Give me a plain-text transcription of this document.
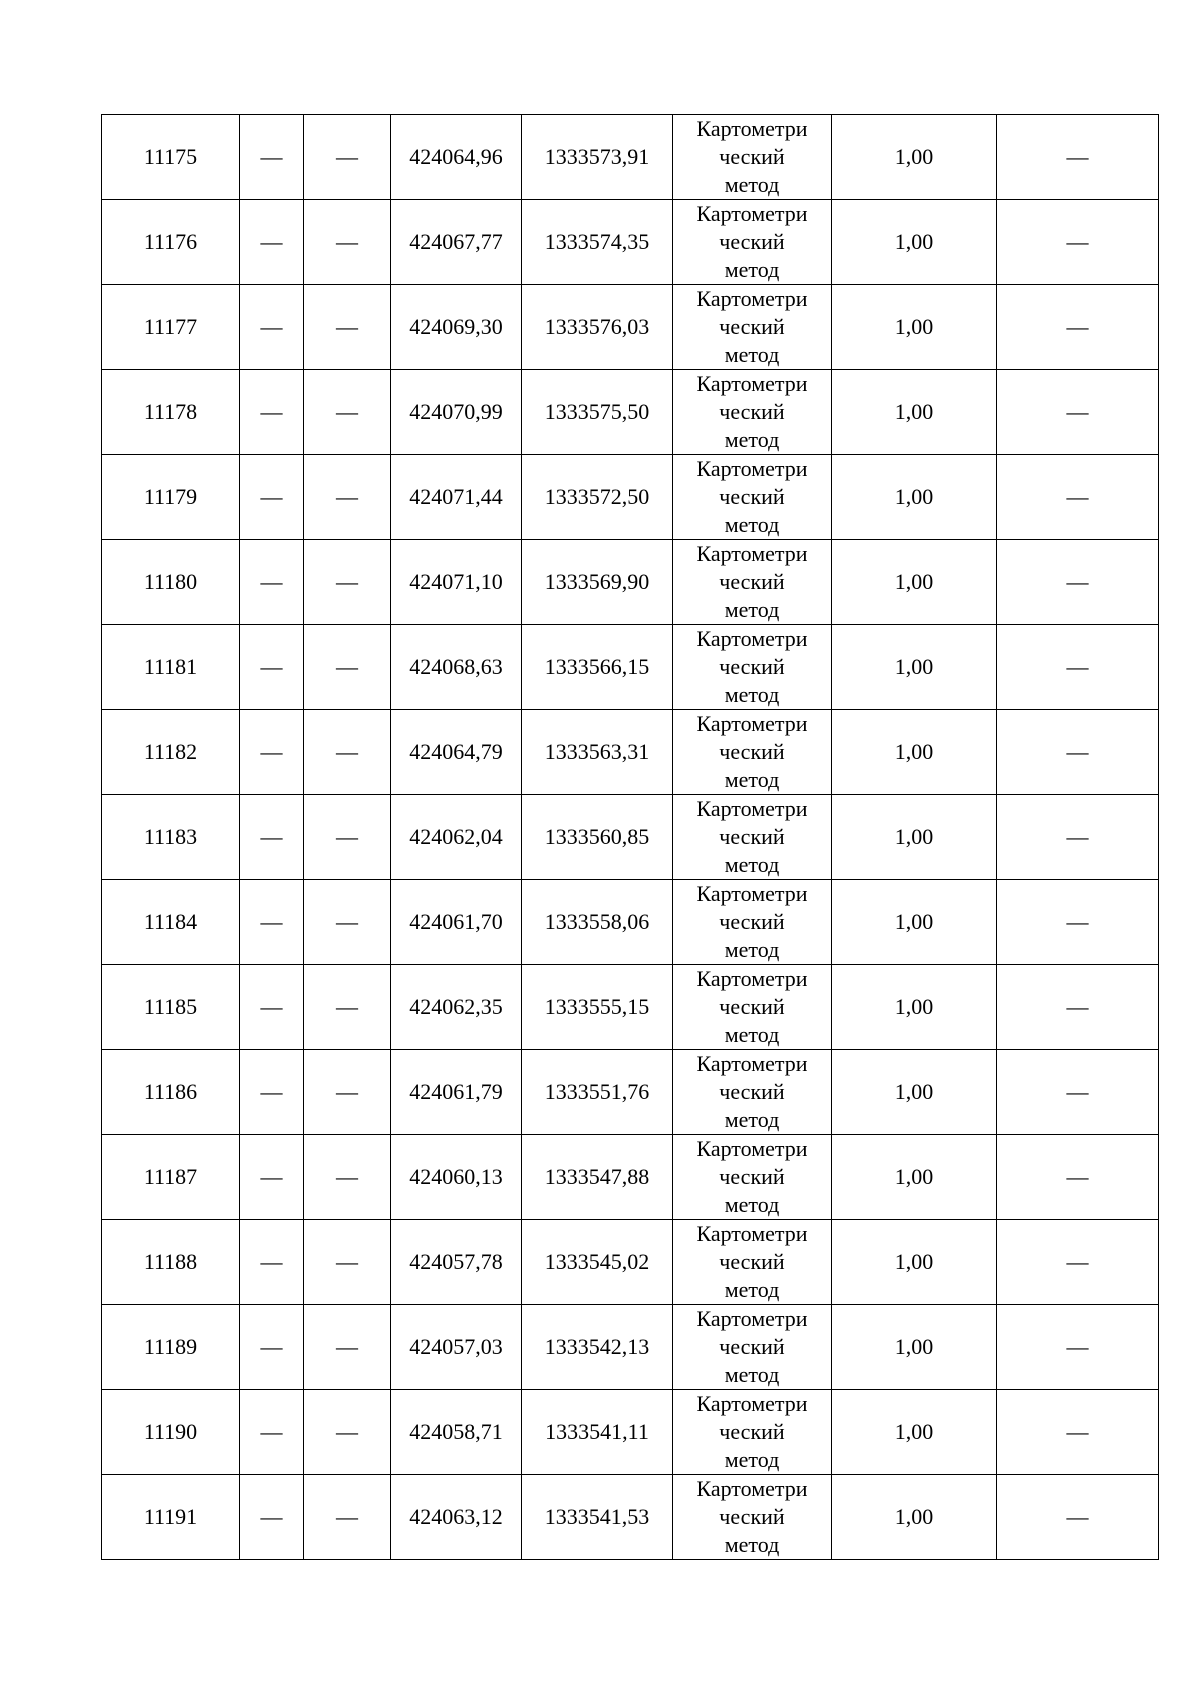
11175	—	—	424064,96	1333573,91	Картометри
ческий
метод	1,00	—
11176	—	—	424067,77	1333574,35	Картометри
ческий
метод	1,00	—
11177	—	—	424069,30	1333576,03	Картометри
ческий
метод	1,00	—
11178	—	—	424070,99	1333575,50	Картометри
ческий
метод	1,00	—
11179	—	—	424071,44	1333572,50	Картометри
ческий
метод	1,00	—
11180	—	—	424071,10	1333569,90	Картометри
ческий
метод	1,00	—
11181	—	—	424068,63	1333566,15	Картометри
ческий
метод	1,00	—
11182	—	—	424064,79	1333563,31	Картометри
ческий
метод	1,00	—
11183	—	—	424062,04	1333560,85	Картометри
ческий
метод	1,00	—
11184	—	—	424061,70	1333558,06	Картометри
ческий
метод	1,00	—
11185	—	—	424062,35	1333555,15	Картометри
ческий
метод	1,00	—
11186	—	—	424061,79	1333551,76	Картометри
ческий
метод	1,00	—
11187	—	—	424060,13	1333547,88	Картометри
ческий
метод	1,00	—
11188	—	—	424057,78	1333545,02	Картометри
ческий
метод	1,00	—
11189	—	—	424057,03	1333542,13	Картометри
ческий
метод	1,00	—
11190	—	—	424058,71	1333541,11	Картометри
ческий
метод	1,00	—
11191	—	—	424063,12	1333541,53	Картометри
ческий
метод	1,00	—
